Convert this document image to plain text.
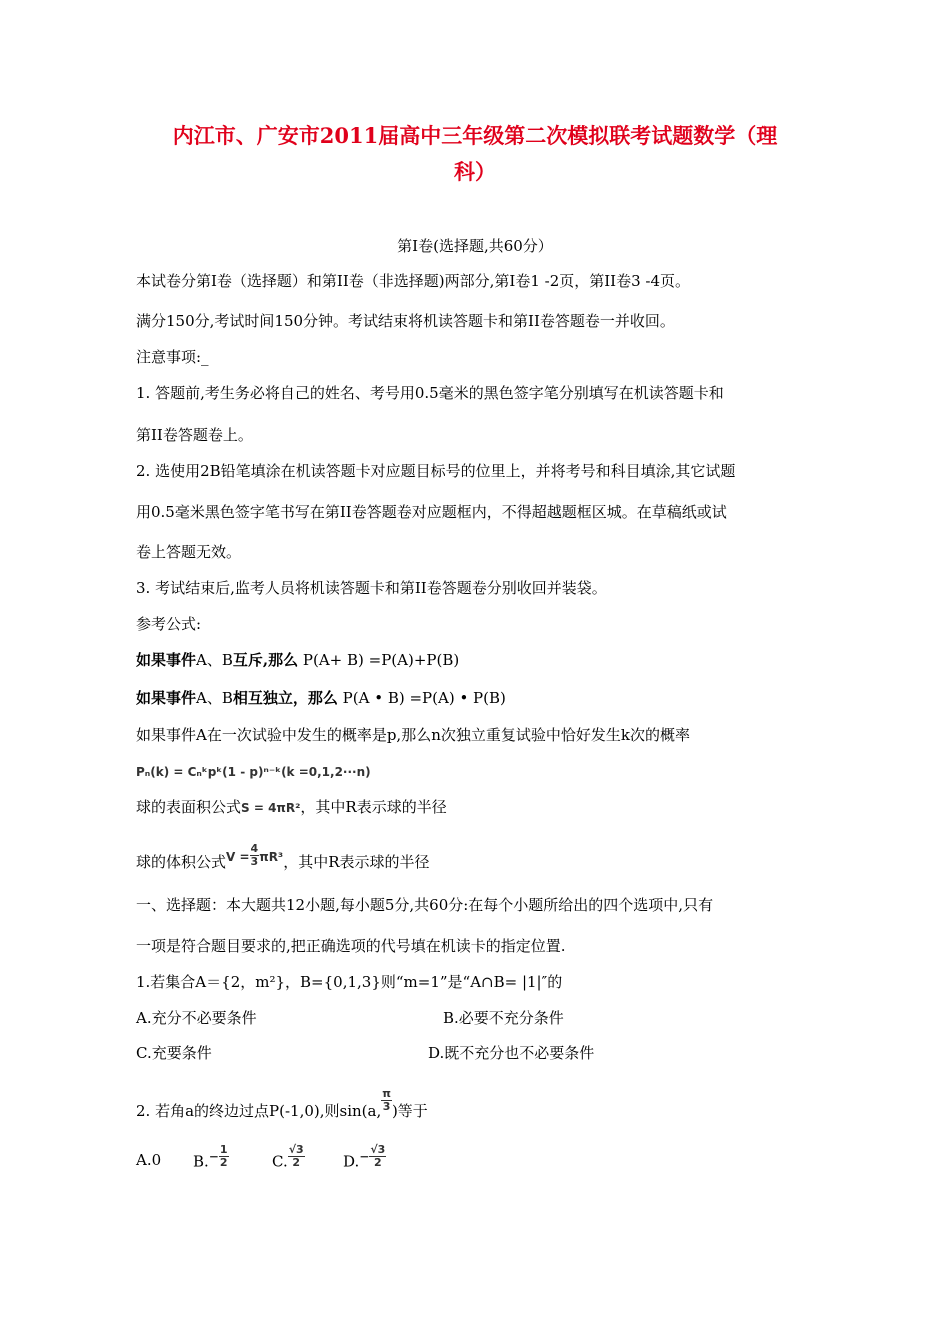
内江市、广安市2011届高中三年级第二次模拟联考试题数学（理
科）
第Ⅰ卷(选择题,共60分）
本试卷分第Ⅰ卷（选择题）和第II卷（非选择题)两部分,第Ⅰ卷1 -2页，第II卷3 -4页。
满分150分,考试时间150分钟。考试结束将机读答题卡和第II卷答题卷一并收回。
注意事项:_
1. 答题前,考生务必将自己的姓名、考号用0.5毫米的黑色签字笔分别填写在机读答题卡和
第II卷答题卷上。
2. 选使用2B铅笔填涂在机读答题卡对应题目标号的位里上，并将考号和科目填涂,其它试题
用0.5毫米黑色签字笔书写在第II卷答题卷对应题框内，不得超越题框区城。在草稿纸或试
卷上答题无效。
3. 考试结束后,监考人员将机读答题卡和第II卷答题卷分别收回并装袋。
参考公式:
如果事件A、B互斥,那么 P(A+ B) =P(A)+P(B)
如果事件A、B相互独立，那么 P(A • B) =P(A) • P(B)
如果事件A在一次试验中发生的概率是p,那么n次独立重复试验中恰好发生k次的概率
Pₙ(k) = Cₙᵏpᵏ(1 - p)ⁿ⁻ᵏ(k =0,1,2···n)
球的表面积公式S = 4πR²，其中R表示球的半径
球的体积公式$^{V =} \frac{4}{3} ^{\pi R^3}$，其中R表示球的半径
一、选择题：本大题共12小题,每小题5分,共60分:在每个小题所给出的四个选项中,只有
一项是符合题目要求的,把正确选项的代号填在机读卡的指定位置.
1.若集合A＝{2，m²}，B={0,1,3}则“m=1”是“A∩B= |1|″的
A.充分不必要条件	B.必要不充分条件
C.充要条件	D.既不充分也不必要条件
2. 若角a的终边过点P(-1,0),则sin(a, $\frac{\pi}{3}$ )等于
A.0 $B.- \frac{1}{2}$	C. $\frac{√3}{2}$	$D.- \frac{√3}{2}$
